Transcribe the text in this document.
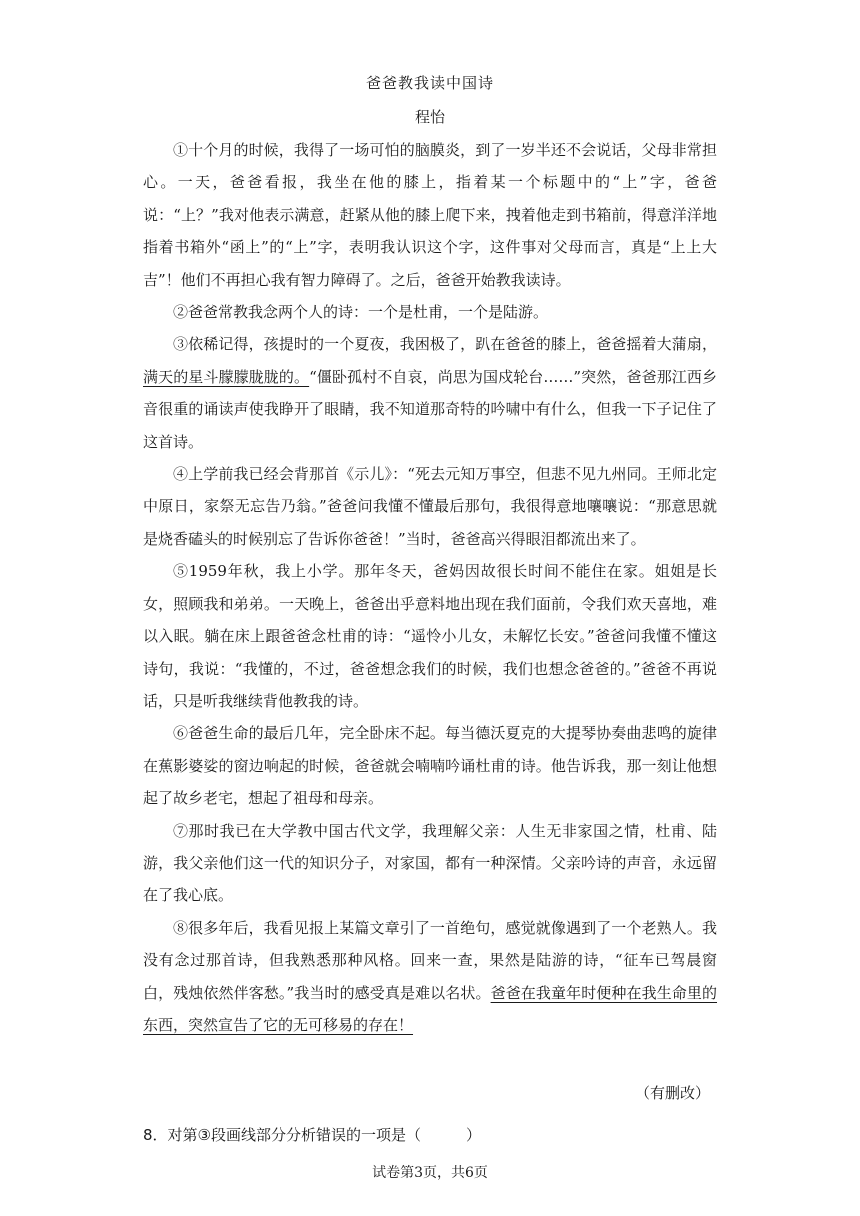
爸爸教我读中国诗
程怡

①十个月的时候，我得了一场可怕的脑膜炎，到了一岁半还不会说话，父母非常担心。一天，爸爸看报，我坐在他的膝上，指着某一个标题中的“上”字，爸爸说：“上？”我对他表示满意，赶紧从他的膝上爬下来，拽着他走到书箱前，得意洋洋地指着书箱外“函上”的“上”字，表明我认识这个字，这件事对父母而言，真是“上上大吉”！他们不再担心我有智力障碍了。之后，爸爸开始教我读诗。

②爸爸常教我念两个人的诗：一个是杜甫，一个是陆游。

③依稀记得，孩提时的一个夏夜，我困极了，趴在爸爸的膝上，爸爸摇着大蒲扇，满天的星斗朦朦胧胧的。“僵卧孤村不自哀，尚思为国戍轮台……”突然，爸爸那江西乡音很重的诵读声使我睁开了眼睛，我不知道那奇特的吟啸中有什么，但我一下子记住了这首诗。

④上学前我已经会背那首《示儿》：“死去元知万事空，但悲不见九州同。王师北定中原日，家祭无忘告乃翁。”爸爸问我懂不懂最后那句，我很得意地嚷嚷说：“那意思就是烧香磕头的时候别忘了告诉你爸爸！”当时，爸爸高兴得眼泪都流出来了。

⑤1959年秋，我上小学。那年冬天，爸妈因故很长时间不能住在家。姐姐是长女，照顾我和弟弟。一天晚上，爸爸出乎意料地出现在我们面前，令我们欢天喜地，难以入眠。躺在床上跟爸爸念杜甫的诗：“遥怜小儿女，未解忆长安。”爸爸问我懂不懂这诗句，我说：“我懂的，不过，爸爸想念我们的时候，我们也想念爸爸的。”爸爸不再说话，只是听我继续背他教我的诗。

⑥爸爸生命的最后几年，完全卧床不起。每当德沃夏克的大提琴协奏曲悲鸣的旋律在蕉影婆娑的窗边响起的时候，爸爸就会喃喃吟诵杜甫的诗。他告诉我，那一刻让他想起了故乡老宅，想起了祖母和母亲。

⑦那时我已在大学教中国古代文学，我理解父亲：人生无非家国之情，杜甫、陆游，我父亲他们这一代的知识分子，对家国，都有一种深情。父亲吟诗的声音，永远留在了我心底。

⑧很多年后，我看见报上某篇文章引了一首绝句，感觉就像遇到了一个老熟人。我没有念过那首诗，但我熟悉那种风格。回来一查，果然是陆游的诗，“征车已驾晨窗白，残烛依然伴客愁。”我当时的感受真是难以名状。爸爸在我童年时便种在我生命里的东西，突然宣告了它的无可移易的存在！

（有删改）
8．对第③段画线部分分析错误的一项是（　　　）
试卷第3页，共6页
